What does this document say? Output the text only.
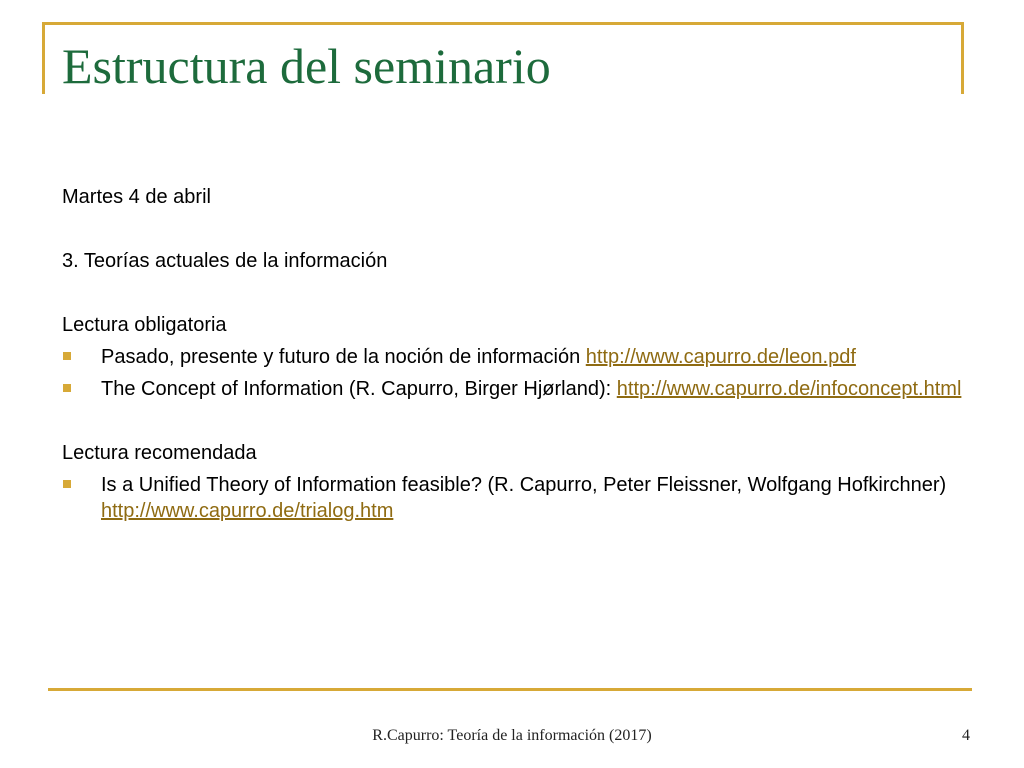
Estructura del seminario

Martes 4 de abril

3. Teorías actuales de la información

Lectura obligatoria

Pasado, presente y futuro de la noción de información http://www.capurro.de/leon.pdf
The Concept of Information (R. Capurro, Birger Hjørland): http://www.capurro.de/infoconcept.html

Lectura recomendada

Is a Unified Theory of Information feasible? (R. Capurro, Peter Fleissner, Wolfgang Hofkirchner) http://www.capurro.de/trialog.htm
R.Capurro: Teoría de la información (2017)	4
